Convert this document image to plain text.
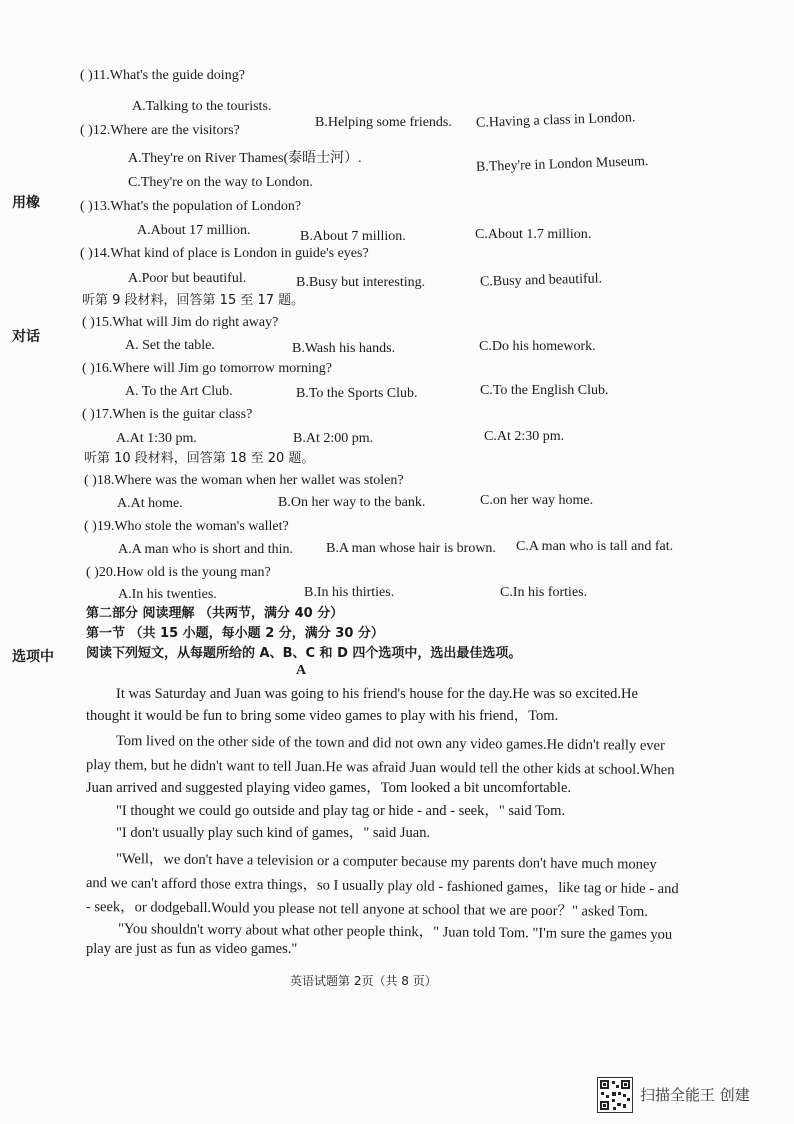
用橡
对话
选项中
( )11.What's the guide doing?
A.Talking to the tourists.
B.Helping some friends. C.Having a class in London.
( )12.Where are the visitors?
A.They're on River Thames(泰晤士河）.	B.They're in London Museum.
C.They're on the way to London.
( )13.What's the population of London?
A.About 17 million.	B.About 7 million.	C.About 1.7 million.
( )14.What kind of place is London in guide's eyes?
A.Poor but beautiful.	B.Busy but interesting.	C.Busy and beautiful.
听第 9 段材料，回答第 15 至 17 题。
( )15.What will Jim do right away?
A. Set the table.	B.Wash his hands.	C.Do his homework.
( )16.Where will Jim go tomorrow morning?
A. To the Art Club.	B.To the Sports Club.	C.To the English Club.
( )17.When is the guitar class?
A.At 1:30 pm.	B.At 2:00 pm.	C.At 2:30 pm.
听第 10 段材料，回答第 18 至 20 题。
( )18.Where was the woman when her wallet was stolen?
A.At home.	B.On her way to the bank.	C.on her way home.
( )19.Who stole the woman's wallet?
A.A man who is short and thin. B.A man whose hair is brown. C.A man who is tall and fat.
( )20.How old is the young man?
A.In his twenties.	B.In his thirties.	C.In his forties.
第二部分 阅读理解 （共两节，满分 40 分）
第一节 （共 15 小题，每小题 2 分，满分 30 分）
阅读下列短文，从每题所给的 A、B、C 和 D 四个选项中，选出最佳选项。
A
It was Saturday and Juan was going to his friend's house for the day.He was so excited.He
thought it would be fun to bring some video games to play with his friend，Tom.
Tom lived on the other side of the town and did not own any video games.He didn't really ever
play them, but he didn't want to tell Juan.He was afraid Juan would tell the other kids at school.When
Juan arrived and suggested playing video games，Tom looked a bit uncomfortable.
"I thought we could go outside and play tag or hide - and - seek，" said Tom.
"I don't usually play such kind of games，" said Juan.
"Well，we don't have a television or a computer because my parents don't have much money
and we can't afford those extra things，so I usually play old - fashioned games，like tag or hide - and
- seek，or dodgeball.Would you please not tell anyone at school that we are poor？" asked Tom.
"You shouldn't worry about what other people think，" Juan told Tom. "I'm sure the games you
play are just as fun as video games."
英语试题第 2页（共 8 页）
扫描全能王 创建
